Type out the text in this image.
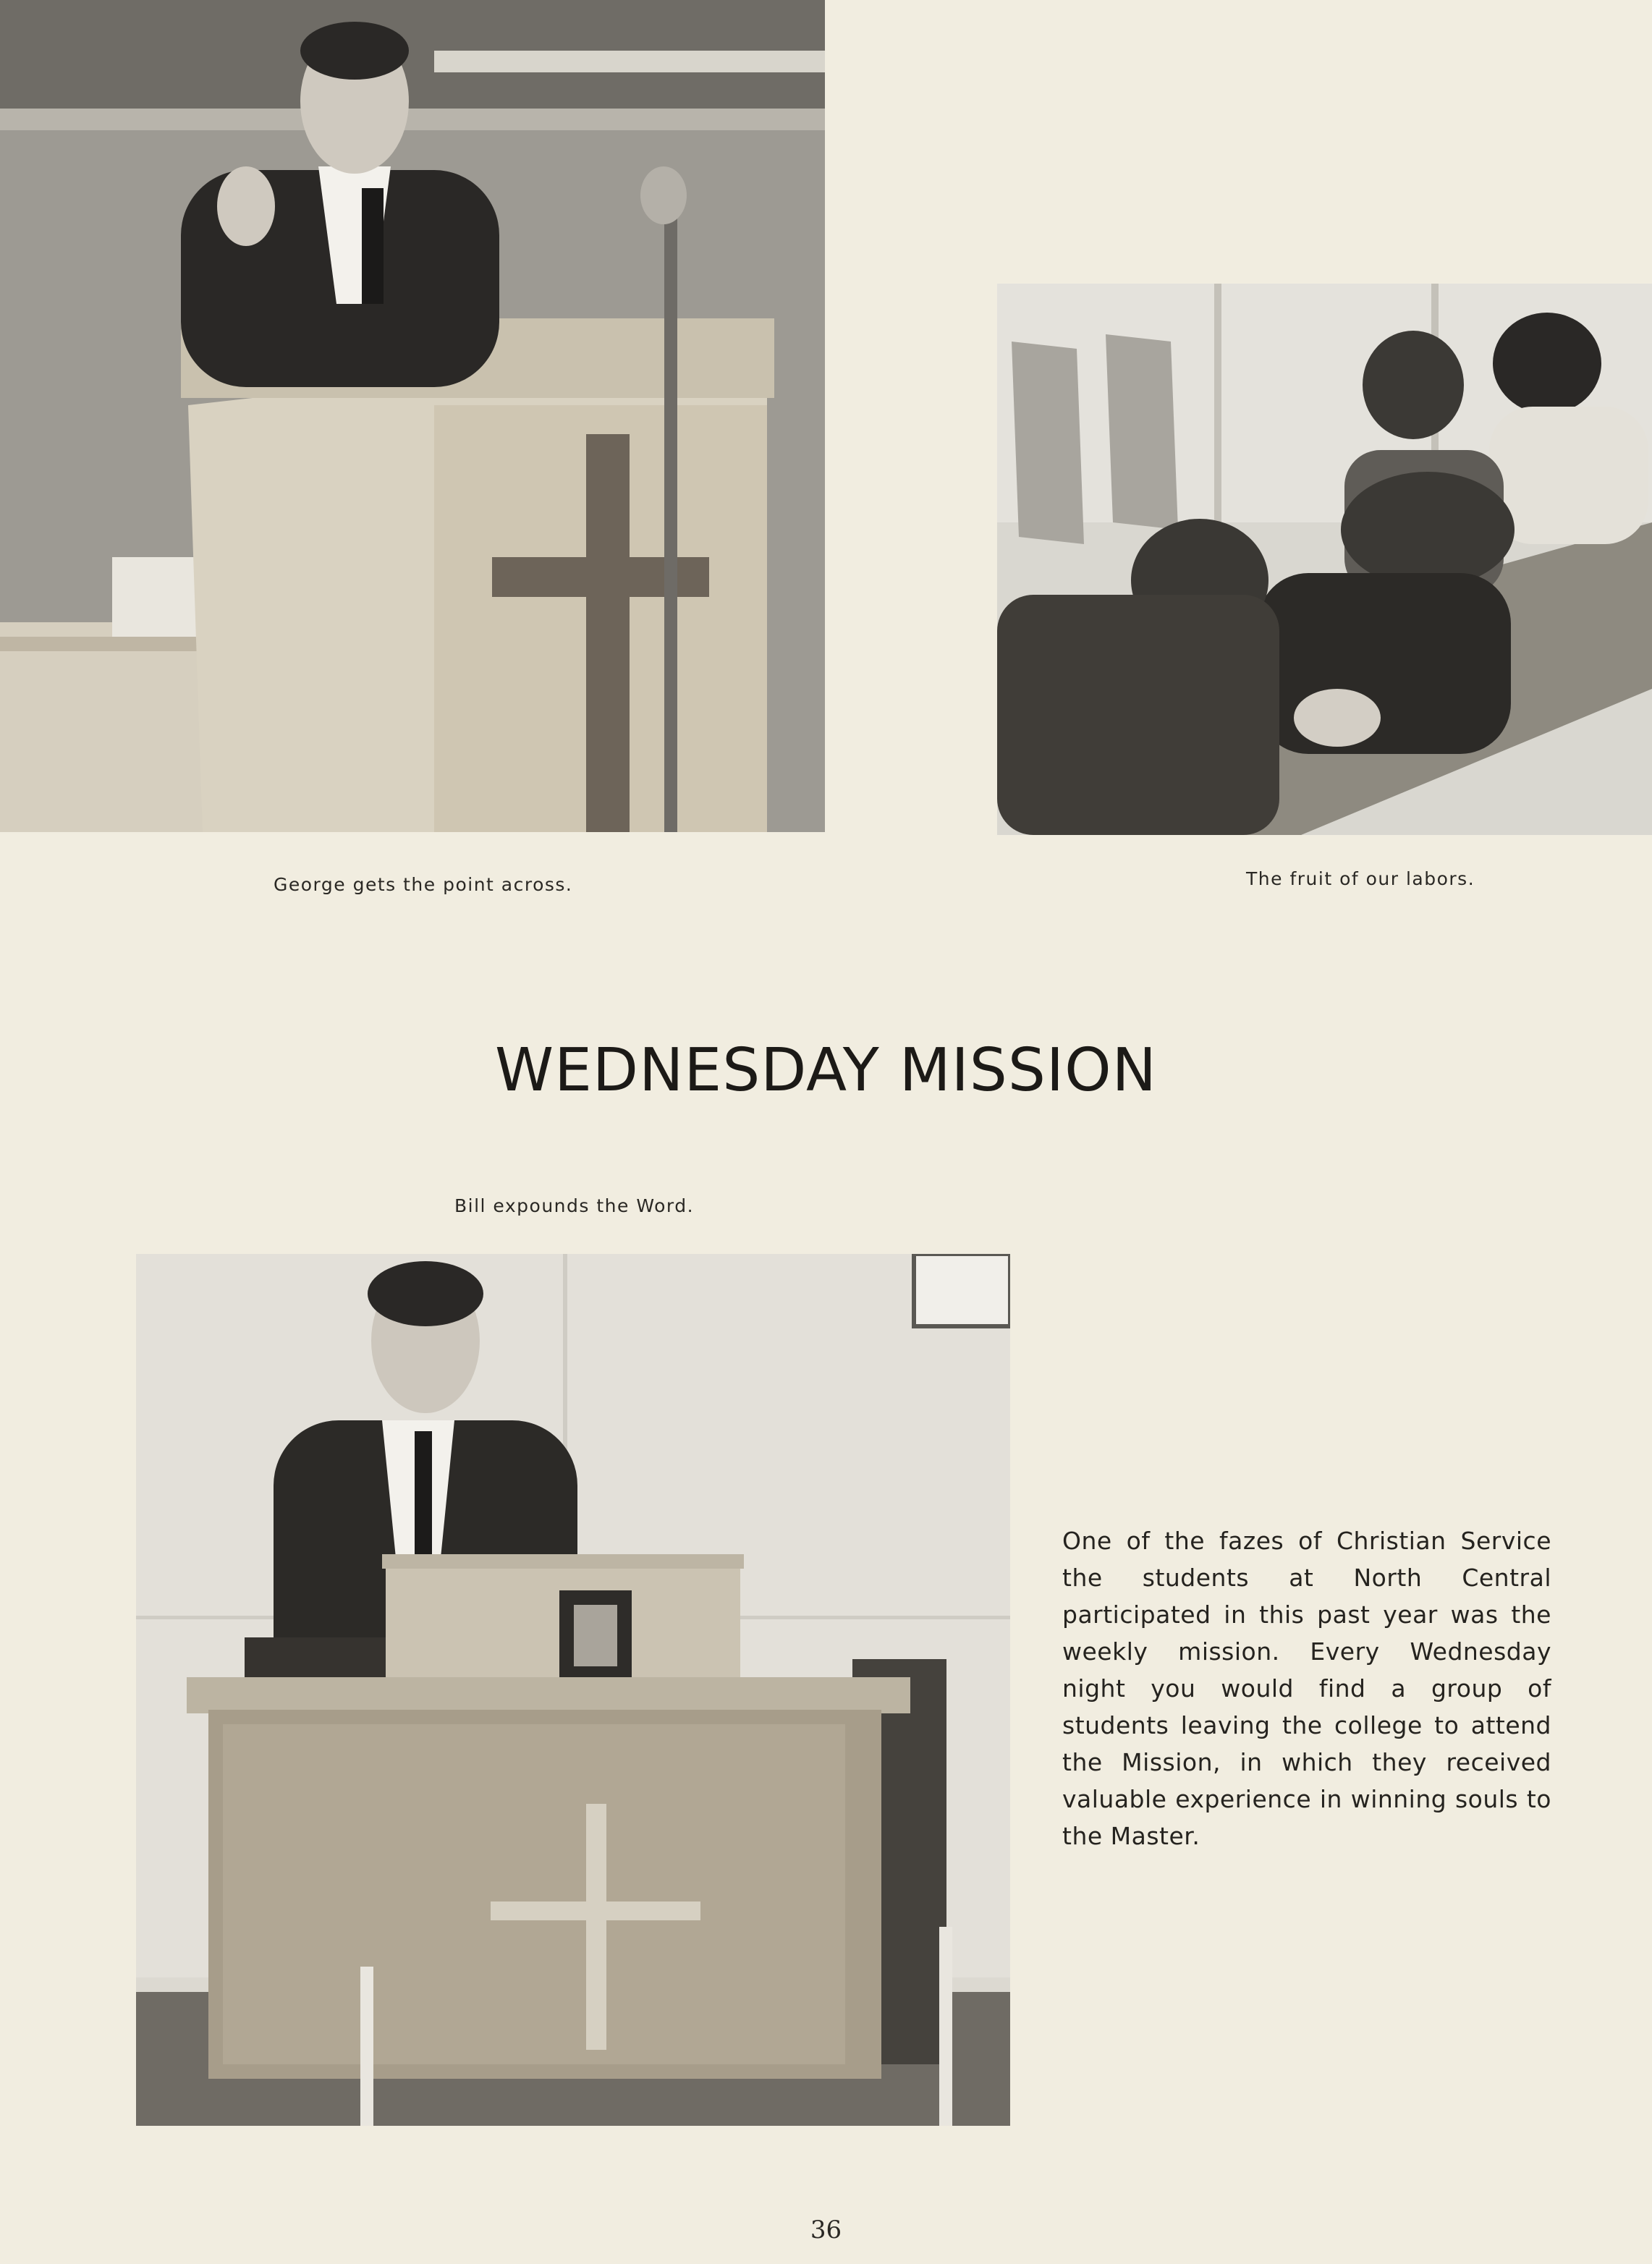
George gets the point across.	The fruit of our labors.
WEDNESDAY MISSION
Bill expounds the Word.
One of the fazes of Christian Service the students at North Central participated in this past year was the weekly mission. Every Wednesday night you would find a group of students leaving the college to attend the Mission, in which they received valuable experience in winning souls to the Master.
36
